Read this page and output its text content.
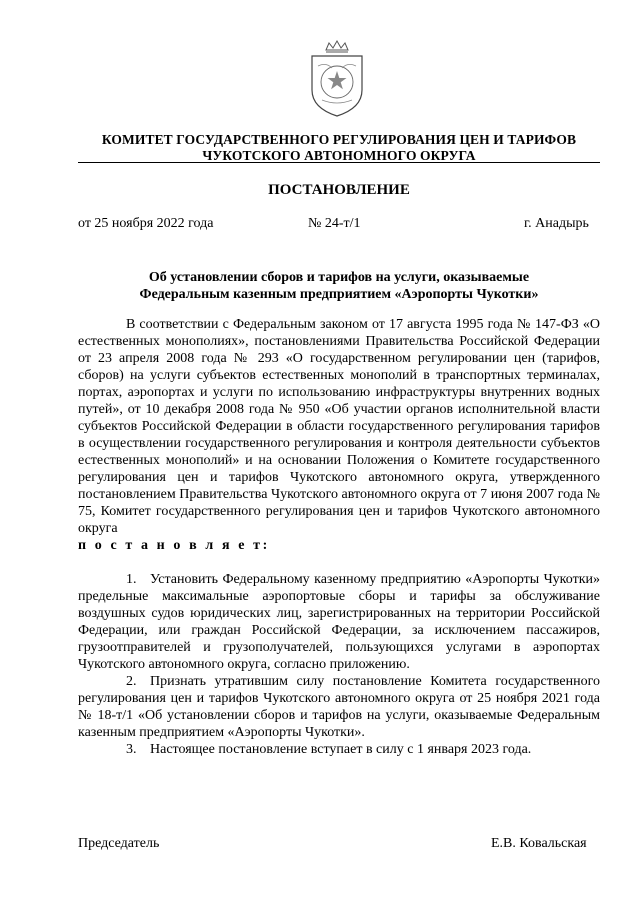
КОМИТЕТ ГОСУДАРСТВЕННОГО РЕГУЛИРОВАНИЯ ЦЕН И ТАРИФОВ
ЧУКОТСКОГО АВТОНОМНОГО ОКРУГА
ПОСТАНОВЛЕНИЕ
от 25 ноября 2022 года	№ 24-т/1	г. Анадырь
Об установлении сборов и тарифов на услуги, оказываемые
Федеральным казенным предприятием «Аэропорты Чукотки»

В соответствии с Федеральным законом от 17 августа 1995 года № 147-ФЗ «О естественных монополиях», постановлениями Правительства Российской Федерации от 23 апреля 2008 года № 293 «О государственном регулировании цен (тарифов, сборов) на услуги субъектов естественных монополий в транспортных терминалах, портах, аэропортах и услуги по использованию инфраструктуры внутренних водных путей», от 10 декабря 2008 года № 950 «Об участии органов исполнительной власти субъектов Российской Федерации в области государственного регулирования тарифов в осуществлении государственного регулирования и контроля деятельности субъектов естественных монополий» и на основании Положения о Комитете государственного регулирования цен и тарифов Чукотского автономного округа, утвержденного постановлением Правительства Чукотского автономного округа от 7 июня 2007 года № 75, Комитет государственного регулирования цен и тарифов Чукотского автономного округа

п о с т а н о в л я е т:

1. Установить Федеральному казенному предприятию «Аэропорты Чукотки» предельные максимальные аэропортовые сборы и тарифы за обслуживание воздушных судов юридических лиц, зарегистрированных на территории Российской Федерации, или граждан Российской Федерации, за исключением пассажиров, грузоотправителей и грузополучателей, пользующихся услугами в аэропортах Чукотского автономного округа, согласно приложению.

2. Признать утратившим силу постановление Комитета государственного регулирования цен и тарифов Чукотского автономного округа от 25 ноября 2021 года № 18-т/1 «Об установлении сборов и тарифов на услуги, оказываемые Федеральным казенным предприятием «Аэропорты Чукотки».

3. Настоящее постановление вступает в силу с 1 января 2023 года.

Председатель	Е.В. Ковальская
